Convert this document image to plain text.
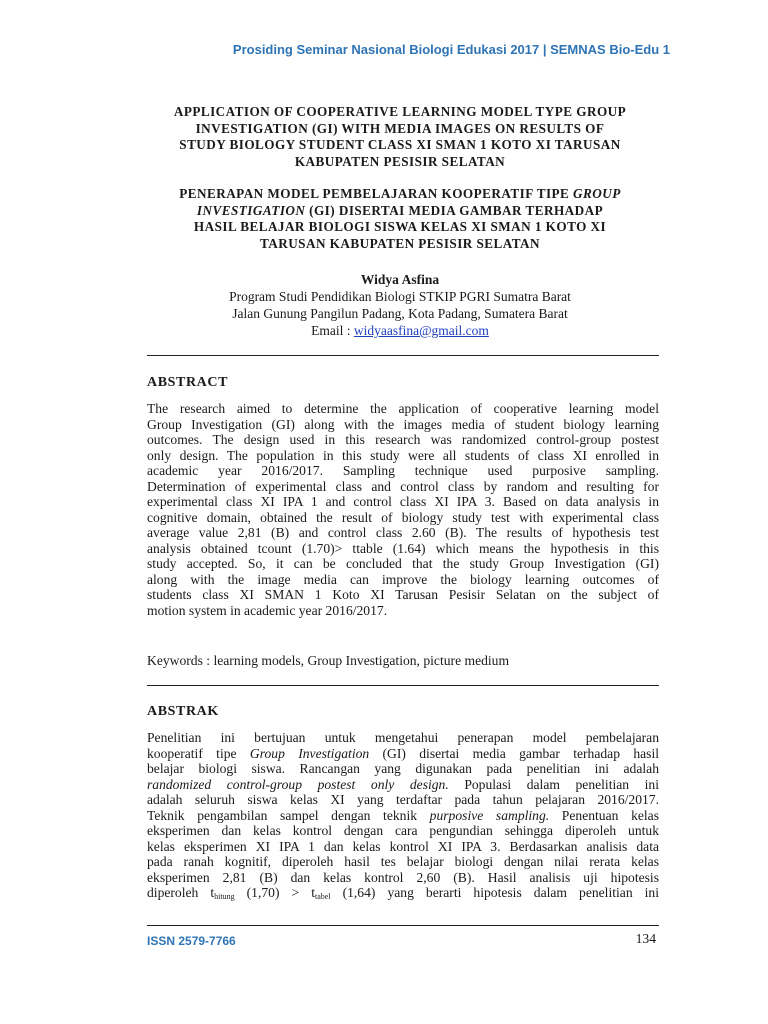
Prosiding Seminar Nasional Biologi Edukasi 2017 | SEMNAS Bio-Edu 1
APPLICATION OF COOPERATIVE LEARNING MODEL TYPE GROUP
INVESTIGATION (GI) WITH MEDIA IMAGES ON RESULTS OF
STUDY BIOLOGY STUDENT CLASS XI SMAN 1 KOTO XI TARUSAN
KABUPATEN PESISIR SELATAN
PENERAPAN MODEL PEMBELAJARAN KOOPERATIF TIPE GROUP
INVESTIGATION (GI) DISERTAI MEDIA GAMBAR TERHADAP
HASIL BELAJAR BIOLOGI SISWA KELAS XI SMAN 1 KOTO XI
TARUSAN KABUPATEN PESISIR SELATAN
Widya Asfina
Program Studi Pendidikan Biologi STKIP PGRI Sumatra Barat
Jalan Gunung Pangilun Padang, Kota Padang, Sumatera Barat
Email : widyaasfina@gmail.com
ABSTRACT
The research aimed to determine the application of cooperative learning model
Group Investigation (GI) along with the images media of student biology learning
outcomes. The design used in this research was randomized control-group postest
only design. The population in this study were all students of class XI enrolled in
academic year 2016/2017. Sampling technique used purposive sampling.
Determination of experimental class and control class by random and resulting for
experimental class XI IPA 1 and control class XI IPA 3. Based on data analysis in
cognitive domain, obtained the result of biology study test with experimental class
average value 2,81 (B) and control class 2.60 (B). The results of hypothesis test
analysis obtained tcount (1.70)> ttable (1.64) which means the hypothesis in this
study accepted. So, it can be concluded that the study Group Investigation (GI)
along with the image media can improve the biology learning outcomes of
students class XI SMAN 1 Koto XI Tarusan Pesisir Selatan on the subject of
motion system in academic year 2016/2017.
Keywords : learning models, Group Investigation, picture medium
ABSTRAK
Penelitian ini bertujuan untuk mengetahui penerapan model pembelajaran
kooperatif tipe Group Investigation (GI) disertai media gambar terhadap hasil
belajar biologi siswa. Rancangan yang digunakan pada penelitian ini adalah
randomized control-group postest only design. Populasi dalam penelitian ini
adalah seluruh siswa kelas XI yang terdaftar pada tahun pelajaran 2016/2017.
Teknik pengambilan sampel dengan teknik purposive sampling. Penentuan kelas
eksperimen dan kelas kontrol dengan cara pengundian sehingga diperoleh untuk
kelas eksperimen XI IPA 1 dan kelas kontrol XI IPA 3. Berdasarkan analisis data
pada ranah kognitif, diperoleh hasil tes belajar biologi dengan nilai rerata kelas
eksperimen 2,81 (B) dan kelas kontrol 2,60 (B). Hasil analisis uji hipotesis
diperoleh $t_{hitung}$ $(1,70) > t_{tabel}$ (1,64) yang berarti hipotesis dalam penelitian ini
ISSN 2579-7766	134
